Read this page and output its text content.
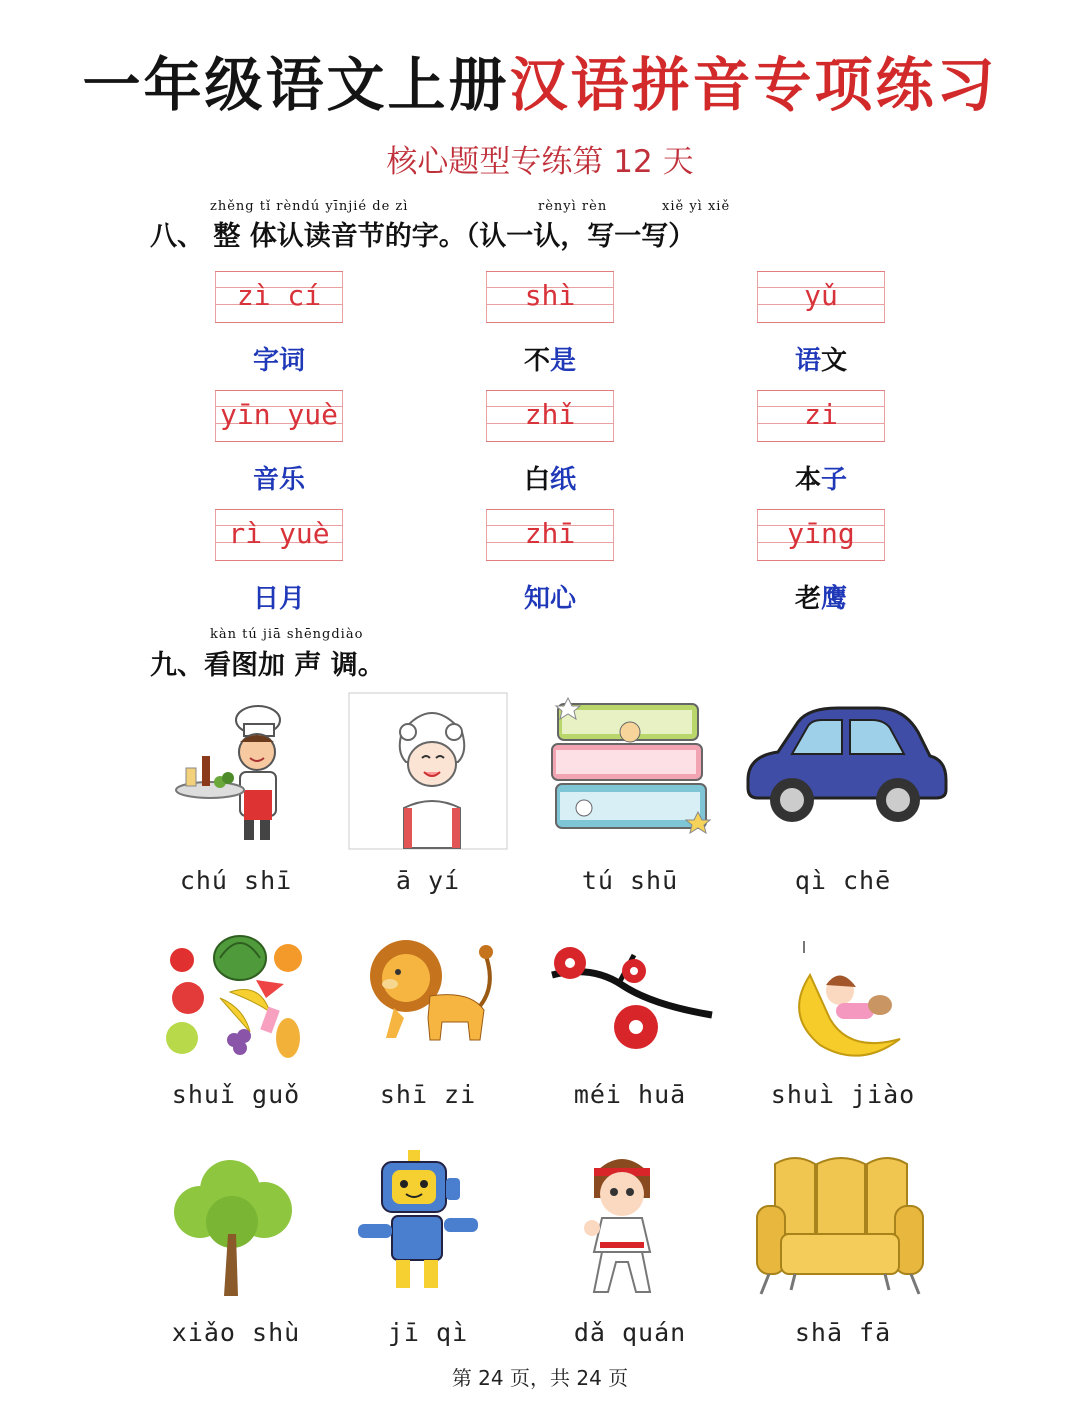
一年级语文上册汉语拼音专项练习
核心题型专练第 12 天
zhěng tǐ rèndú yīnjié de zì	rènyì rèn	xiě yì xiě
八、 整 体认读音节的字。（认一认，写一写）
zì cí	shì	yǔ
字词	不是	语文
yīn yuè	zhǐ	zi
音乐	白纸	本子
rì yuè	zhī	yīng
日月	知心	老鹰
kàn tú jiā shēngdiào
九、看图加 声 调。
chú shī	ā yí	tú shū	qì chē
shuǐ guǒ	shī zi	méi huā	shuì jiào
xiǎo shù	jī qì	dǎ quán	shā fā
第 24 页，共 24 页
